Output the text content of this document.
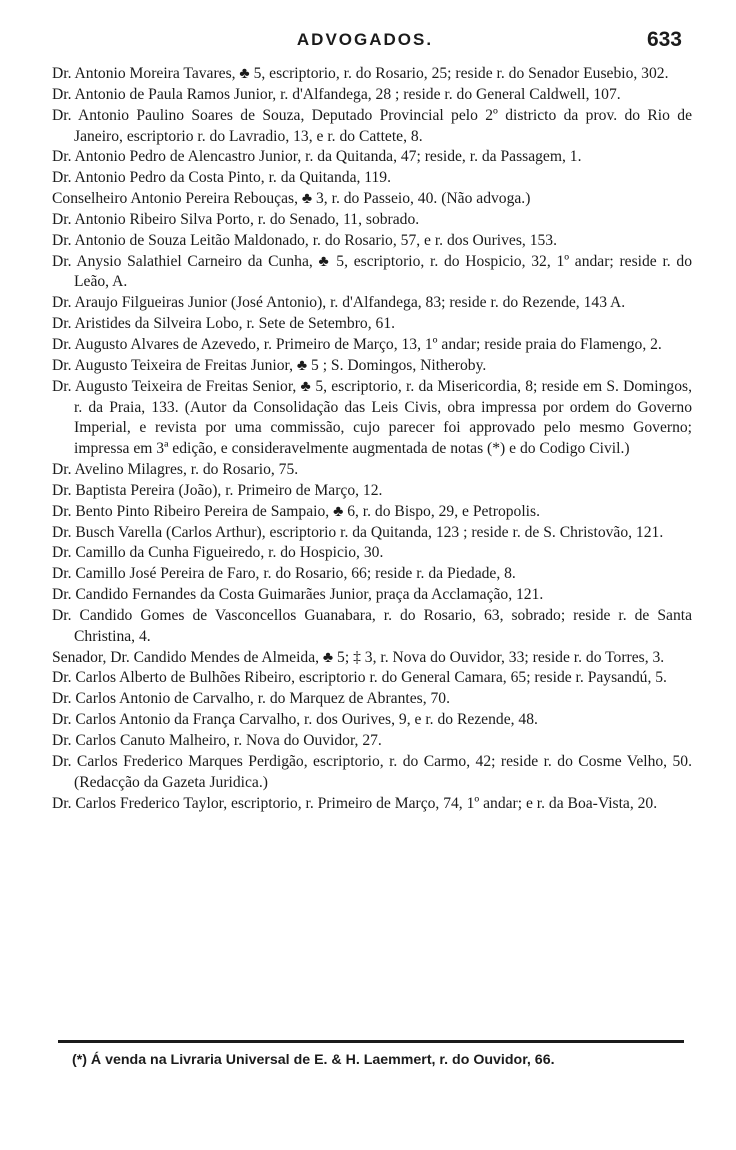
ADVOGADOS.	633

Dr. Antonio Moreira Tavares, ♣ 5, escriptorio, r. do Rosario, 25; reside r. do Senador Eusebio, 302.

Dr. Antonio de Paula Ramos Junior, r. d'Alfandega, 28 ; reside r. do General Caldwell, 107.

Dr. Antonio Paulino Soares de Souza, Deputado Provincial pelo 2º districto da prov. do Rio de Janeiro, escriptorio r. do Lavradio, 13, e r. do Cattete, 8.

Dr. Antonio Pedro de Alencastro Junior, r. da Quitanda, 47; reside, r. da Passagem, 1.

Dr. Antonio Pedro da Costa Pinto, r. da Quitanda, 119.

Conselheiro Antonio Pereira Rebouças, ♣ 3, r. do Passeio, 40. (Não advoga.)

Dr. Antonio Ribeiro Silva Porto, r. do Senado, 11, sobrado.

Dr. Antonio de Souza Leitão Maldonado, r. do Rosario, 57, e r. dos Ourives, 153.

Dr. Anysio Salathiel Carneiro da Cunha, ♣ 5, escriptorio, r. do Hospicio, 32, 1º andar; reside r. do Leão, A.

Dr. Araujo Filgueiras Junior (José Antonio), r. d'Alfandega, 83; reside r. do Rezende, 143 A.

Dr. Aristides da Silveira Lobo, r. Sete de Setembro, 61.

Dr. Augusto Alvares de Azevedo, r. Primeiro de Março, 13, 1º andar; reside praia do Flamengo, 2.

Dr. Augusto Teixeira de Freitas Junior, ♣ 5 ; S. Domingos, Nitheroby.

Dr. Augusto Teixeira de Freitas Senior, ♣ 5, escriptorio, r. da Misericordia, 8; reside em S. Domingos, r. da Praia, 133. (Autor da Consolidação das Leis Civis, obra impressa por ordem do Governo Imperial, e revista por uma commissão, cujo parecer foi approvado pelo mesmo Governo; impressa em 3ª edição, e consideravelmente augmentada de notas (*) e do Codigo Civil.)

Dr. Avelino Milagres, r. do Rosario, 75.

Dr. Baptista Pereira (João), r. Primeiro de Março, 12.

Dr. Bento Pinto Ribeiro Pereira de Sampaio, ♣ 6, r. do Bispo, 29, e Petropolis.

Dr. Busch Varella (Carlos Arthur), escriptorio r. da Quitanda, 123 ; reside r. de S. Christovão, 121.

Dr. Camillo da Cunha Figueiredo, r. do Hospicio, 30.

Dr. Camillo José Pereira de Faro, r. do Rosario, 66; reside r. da Piedade, 8.

Dr. Candido Fernandes da Costa Guimarães Junior, praça da Acclamação, 121.

Dr. Candido Gomes de Vasconcellos Guanabara, r. do Rosario, 63, sobrado; reside r. de Santa Christina, 4.

Senador, Dr. Candido Mendes de Almeida, ♣ 5; ‡ 3, r. Nova do Ouvidor, 33; reside r. do Torres, 3.

Dr. Carlos Alberto de Bulhões Ribeiro, escriptorio r. do General Camara, 65; reside r. Paysandú, 5.

Dr. Carlos Antonio de Carvalho, r. do Marquez de Abrantes, 70.

Dr. Carlos Antonio da França Carvalho, r. dos Ourives, 9, e r. do Rezende, 48.

Dr. Carlos Canuto Malheiro, r. Nova do Ouvidor, 27.

Dr. Carlos Frederico Marques Perdigão, escriptorio, r. do Carmo, 42; reside r. do Cosme Velho, 50. (Redacção da Gazeta Juridica.)

Dr. Carlos Frederico Taylor, escriptorio, r. Primeiro de Março, 74, 1º andar; e r. da Boa-Vista, 20.

(*) Á venda na Livraria Universal de E. & H. Laemmert, r. do Ouvidor, 66.
